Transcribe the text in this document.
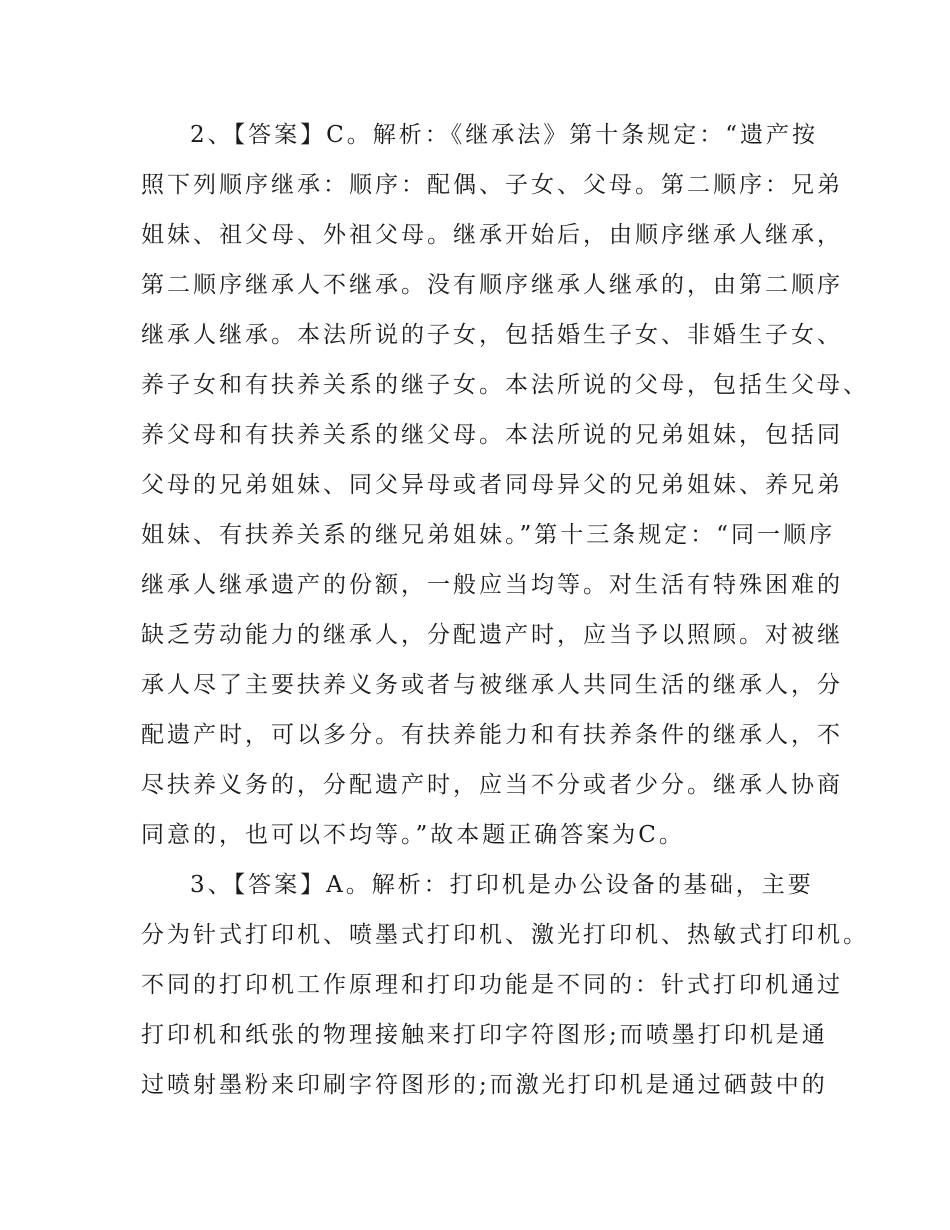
2、【答案】C。解析：《继承法》第十条规定：“遗产按

照下列顺序继承：顺序：配偶、子女、父母。第二顺序：兄弟

姐妹、祖父母、外祖父母。继承开始后，由顺序继承人继承，

第二顺序继承人不继承。没有顺序继承人继承的，由第二顺序

继承人继承。本法所说的子女，包括婚生子女、非婚生子女、

养子女和有扶养关系的继子女。本法所说的父母，包括生父母、

养父母和有扶养关系的继父母。本法所说的兄弟姐妹，包括同

父母的兄弟姐妹、同父异母或者同母异父的兄弟姐妹、养兄弟

姐妹、有扶养关系的继兄弟姐妹。”第十三条规定：“同一顺序

继承人继承遗产的份额，一般应当均等。对生活有特殊困难的

缺乏劳动能力的继承人，分配遗产时，应当予以照顾。对被继

承人尽了主要扶养义务或者与被继承人共同生活的继承人，分

配遗产时，可以多分。有扶养能力和有扶养条件的继承人，不

尽扶养义务的，分配遗产时，应当不分或者少分。继承人协商

同意的，也可以不均等。”故本题正确答案为C。

3、【答案】A。解析：打印机是办公设备的基础，主要

分为针式打印机、喷墨式打印机、激光打印机、热敏式打印机。

不同的打印机工作原理和打印功能是不同的：针式打印机通过

打印机和纸张的物理接触来打印字符图形;而喷墨打印机是通

过喷射墨粉来印刷字符图形的;而激光打印机是通过硒鼓中的
